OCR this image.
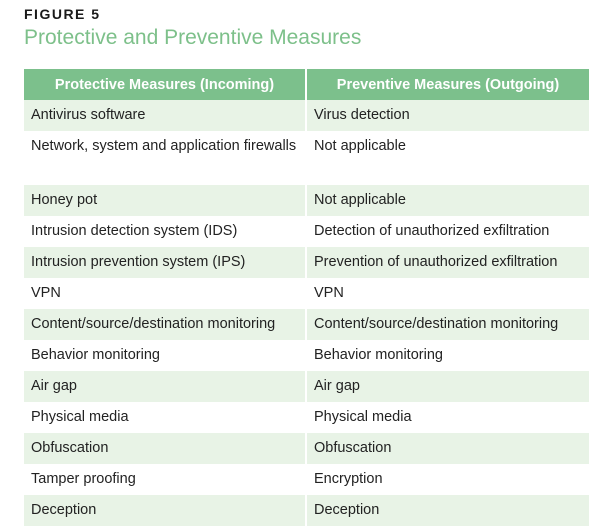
FIGURE 5
Protective and Preventive Measures
Protective Measures (Incoming)	Preventive Measures (Outgoing)
Antivirus software	Virus detection
Network, system and application firewalls	Not applicable
Honey pot	Not applicable
Intrusion detection system (IDS)	Detection of unauthorized exfiltration
Intrusion prevention system (IPS)	Prevention of unauthorized exfiltration
VPN	VPN
Content/source/destination monitoring	Content/source/destination monitoring
Behavior monitoring	Behavior monitoring
Air gap	Air gap
Physical media	Physical media
Obfuscation	Obfuscation
Tamper proofing	Encryption
Deception	Deception
